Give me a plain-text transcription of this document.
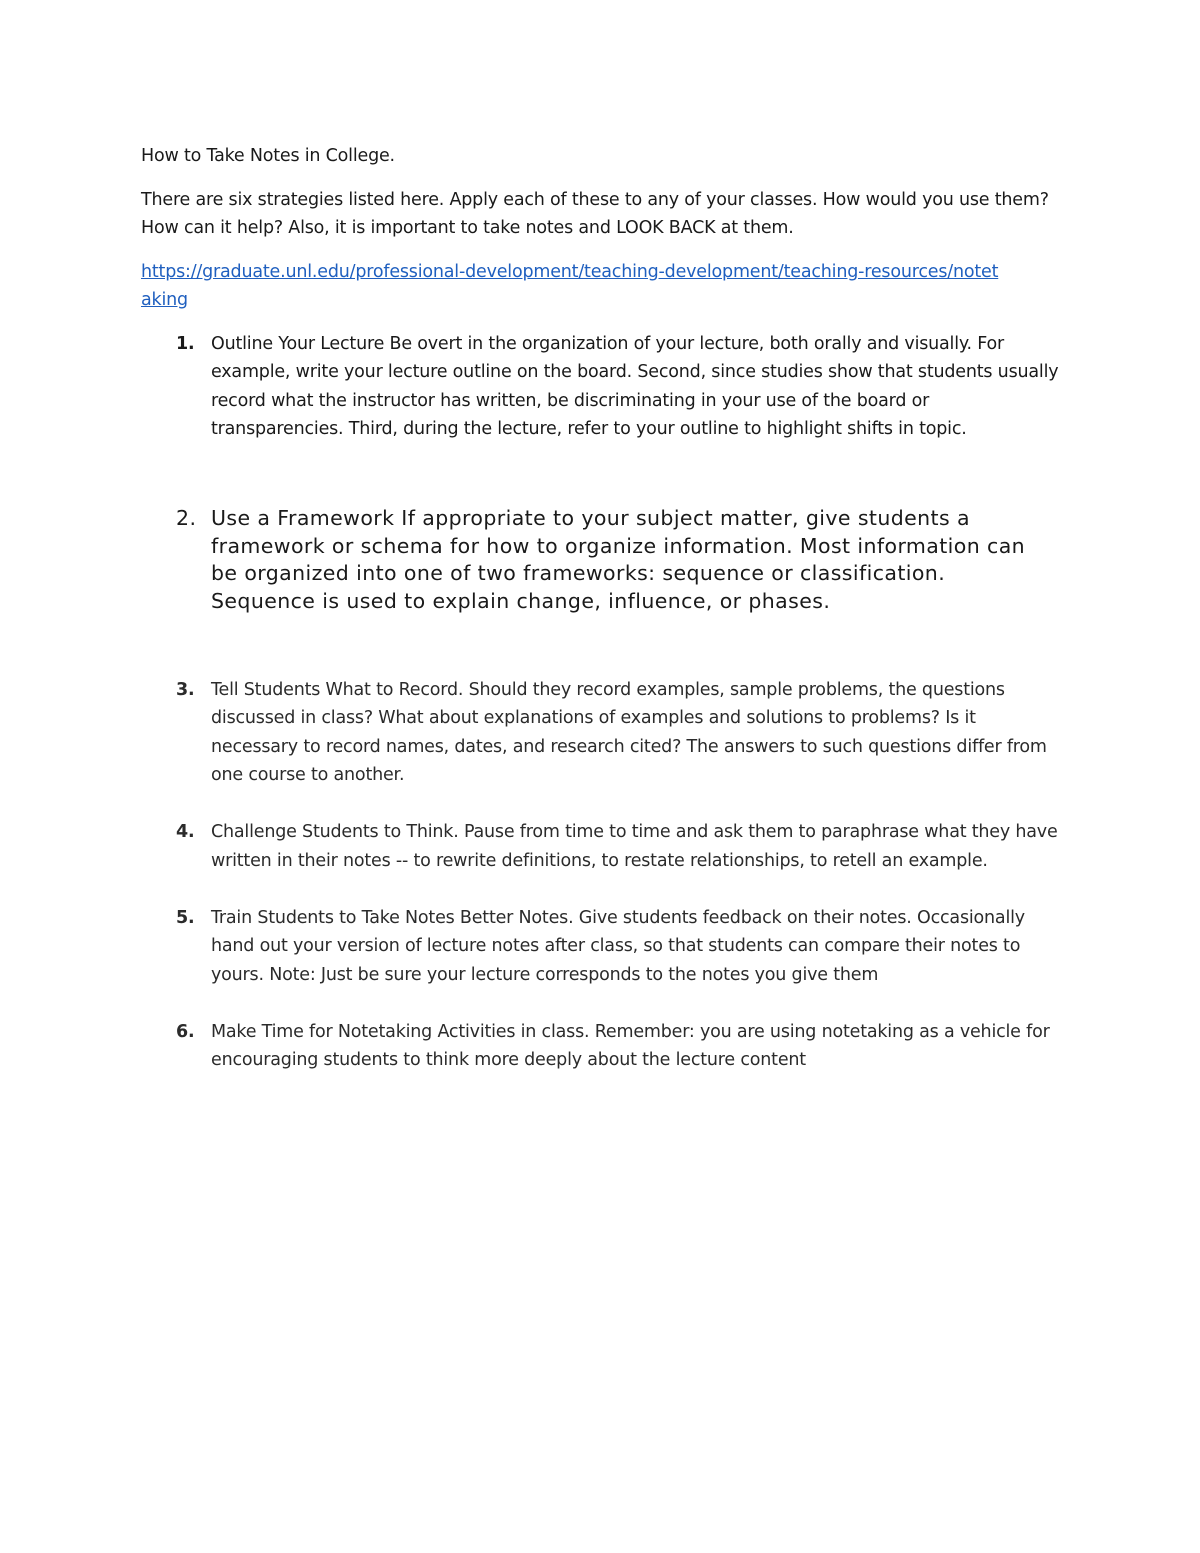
How to Take Notes in College.

There are six strategies listed here. Apply each of these to any of your classes. How would you use them? How can it help? Also, it is important to take notes and LOOK BACK at them.

https://graduate.unl.edu/professional-development/teaching-development/teaching-resources/notetaking
1. Outline Your Lecture Be overt in the organization of your lecture, both orally and visually. For example, write your lecture outline on the board. Second, since studies show that students usually record what the instructor has written, be discriminating in your use of the board or transparencies. Third, during the lecture, refer to your outline to highlight shifts in topic.
2. Use a Framework If appropriate to your subject matter, give students a framework or schema for how to organize information. Most information can be organized into one of two frameworks: sequence or classification. Sequence is used to explain change, influence, or phases.
3. Tell Students What to Record. Should they record examples, sample problems, the questions discussed in class? What about explanations of examples and solutions to problems? Is it necessary to record names, dates, and research cited? The answers to such questions differ from one course to another.
4. Challenge Students to Think. Pause from time to time and ask them to paraphrase what they have written in their notes -- to rewrite definitions, to restate relationships, to retell an example.
5. Train Students to Take Notes Better Notes. Give students feedback on their notes. Occasionally hand out your version of lecture notes after class, so that students can compare their notes to yours. Note: Just be sure your lecture corresponds to the notes you give them
6. Make Time for Notetaking Activities in class. Remember: you are using notetaking as a vehicle for encouraging students to think more deeply about the lecture content
